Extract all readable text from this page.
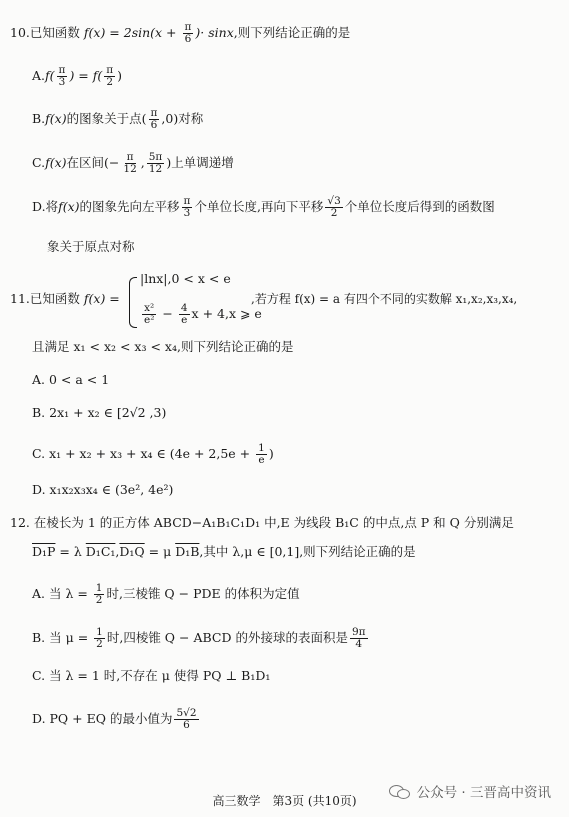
10.已知函数 $f(x) = 2\sin(x + \frac{\pi}{6}$ )· sinx,则下列结论正确的是
$A.f( \frac{\pi}{3}$ ) = $f( \frac{\pi}{2}$ )
B.f(x)的图象关于点( $\frac{\pi}{6} ,0$)对称
C.f(x)在区间(− $\frac{\pi}{12}$ , $\frac{5\pi}{12}$ )上单调递增
D.将f(x)的图象先向左平移 $\frac{\pi}{3}$ 个单位长度,再向下平移 $\frac{√3}{2}$ 个单位长度后得到的函数图
象关于原点对称
11.已知函数 f(x) =
|lnx|,0 < x < e
$\frac{\text{x²}}{\text{e²}} - \frac{4}{e}$ x + 4,x ⩾ e
,若方程 f(x) = a 有四个不同的实数解 x₁,x₂,x₃,x₄,
且满足 x₁ < x₂ < x₃ < x₄,则下列结论正确的是
A. 0 < a < 1
B. 2x₁ + x₂ ∈ [2√2 ,3)
C. x₁ + x₂ + x₃ + x₄ ∈ ($4e + 2,5e + \frac{1}{e}$ )
D. x₁x₂x₃x₄ ∈ (3e², 4e²)
12. 在棱长为 1 的正方体 ABCD−A₁B₁C₁D₁ 中,E 为线段 B₁C 的中点,点 P 和 Q 分别满足
D₁P = λ D₁C₁,D₁Q = μ D₁B,其中 λ,μ ∈ [0,1],则下列结论正确的是
A. 当 $\lambda = \frac{1}{2}$ 时,三棱锥 Q − PDE 的体积为定值
B. 当 $\mu = \frac{1}{2}$ 时,四棱锥 Q − ABCD 的外接球的表面积是 $\frac{9\pi}{4}$
C. 当 λ = 1 时,不存在 μ 使得 PQ ⊥ B₁D₁
D. PQ + EQ 的最小值为 $\frac{5√2}{6}$
公众号 · 三晋高中资讯
高三数学　第3页 (共10页)
